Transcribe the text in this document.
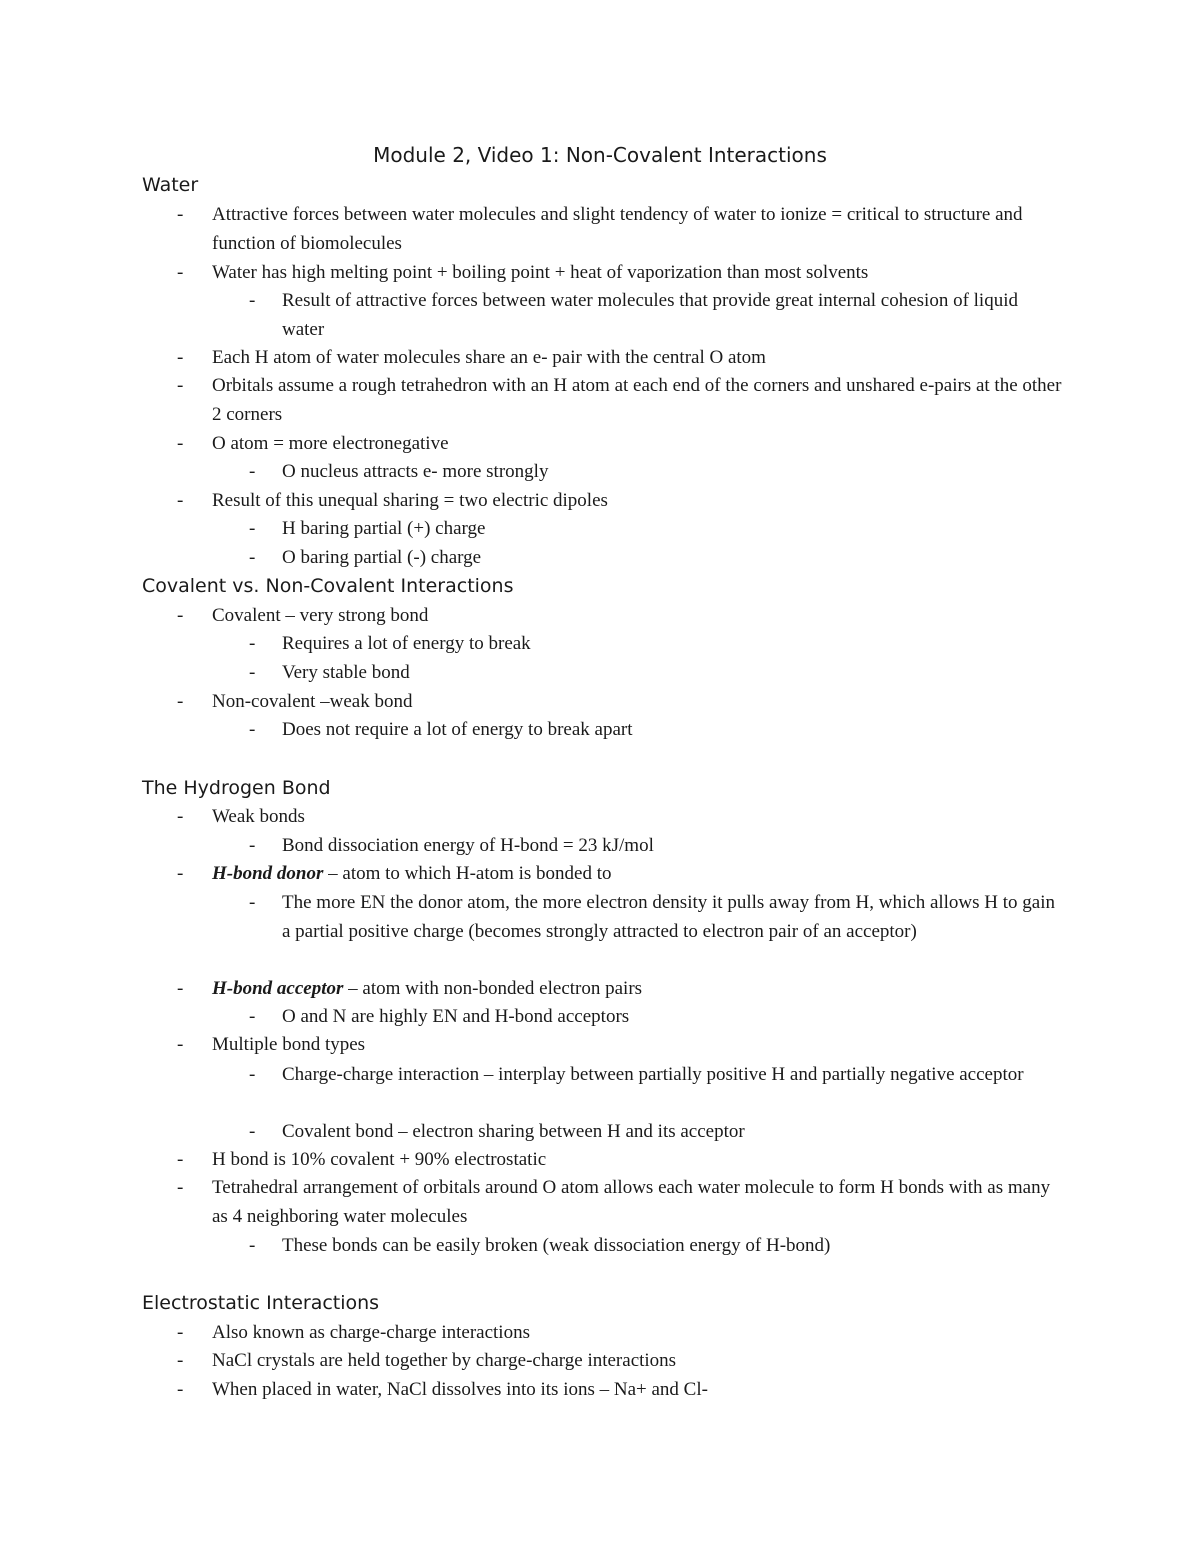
Module 2, Video 1: Non-Covalent Interactions
Water
- Attractive forces between water molecules and slight tendency of water to ionize = critical to structure and function of biomolecules
- Water has high melting point + boiling point + heat of vaporization than most solvents
- Result of attractive forces between water molecules that provide great internal cohesion of liquid water
- Each H atom of water molecules share an e- pair with the central O atom
- Orbitals assume a rough tetrahedron with an H atom at each end of the corners and unshared e-pairs at the other 2 corners
- O atom = more electronegative
- O nucleus attracts e- more strongly
- Result of this unequal sharing = two electric dipoles
- H baring partial (+) charge
- O baring partial (-) charge
Covalent vs. Non-Covalent Interactions
- Covalent – very strong bond
- Requires a lot of energy to break
- Very stable bond
- Non-covalent –weak bond
- Does not require a lot of energy to break apart
The Hydrogen Bond
- Weak bonds
- Bond dissociation energy of H-bond = 23 kJ/mol
- H-bond donor – atom to which H-atom is bonded to
- The more EN the donor atom, the more electron density it pulls away from H, which allows H to gain a partial positive charge (becomes strongly attracted to electron pair of an acceptor)
- H-bond acceptor – atom with non-bonded electron pairs
- O and N are highly EN and H-bond acceptors
- Multiple bond types
- Charge-charge interaction – interplay between partially positive H and partially negative acceptor
- Covalent bond – electron sharing between H and its acceptor
- H bond is 10% covalent + 90% electrostatic
- Tetrahedral arrangement of orbitals around O atom allows each water molecule to form H bonds with as many as 4 neighboring water molecules
- These bonds can be easily broken (weak dissociation energy of H-bond)
Electrostatic Interactions
- Also known as charge-charge interactions
- NaCl crystals are held together by charge-charge interactions
- When placed in water, NaCl dissolves into its ions – Na+ and Cl-
